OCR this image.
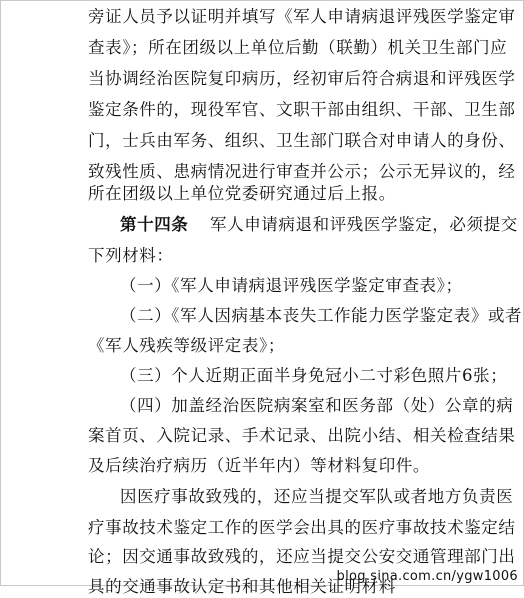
旁证人员予以证明并填写《军人申请病退评残医学鉴定审
查表》；所在团级以上单位后勤（联勤）机关卫生部门应
当协调经治医院复印病历，经初审后符合病退和评残医学
鉴定条件的，现役军官、文职干部由组织、干部、卫生部
门，士兵由军务、组织、卫生部门联合对申请人的身份、
致残性质、患病情况进行审查并公示；公示无异议的，经
所在团级以上单位党委研究通过后上报。
第十四条 军人申请病退和评残医学鉴定，必须提交
下列材料：
（一）《军人申请病退评残医学鉴定审查表》；
（二）《军人因病基本丧失工作能力医学鉴定表》或者
《军人残疾等级评定表》；
（三）个人近期正面半身免冠小二寸彩色照片6张；
（四）加盖经治医院病案室和医务部（处）公章的病
案首页、入院记录、手术记录、出院小结、相关检查结果
及后续治疗病历（近半年内）等材料复印件。
因医疗事故致残的，还应当提交军队或者地方负责医
疗事故技术鉴定工作的医学会出具的医疗事故技术鉴定结
论；因交通事故致残的，还应当提交公安交通管理部门出
具的交通事故认定书和其他相关证明材料
blog.sina.com.cn/ygw1006
